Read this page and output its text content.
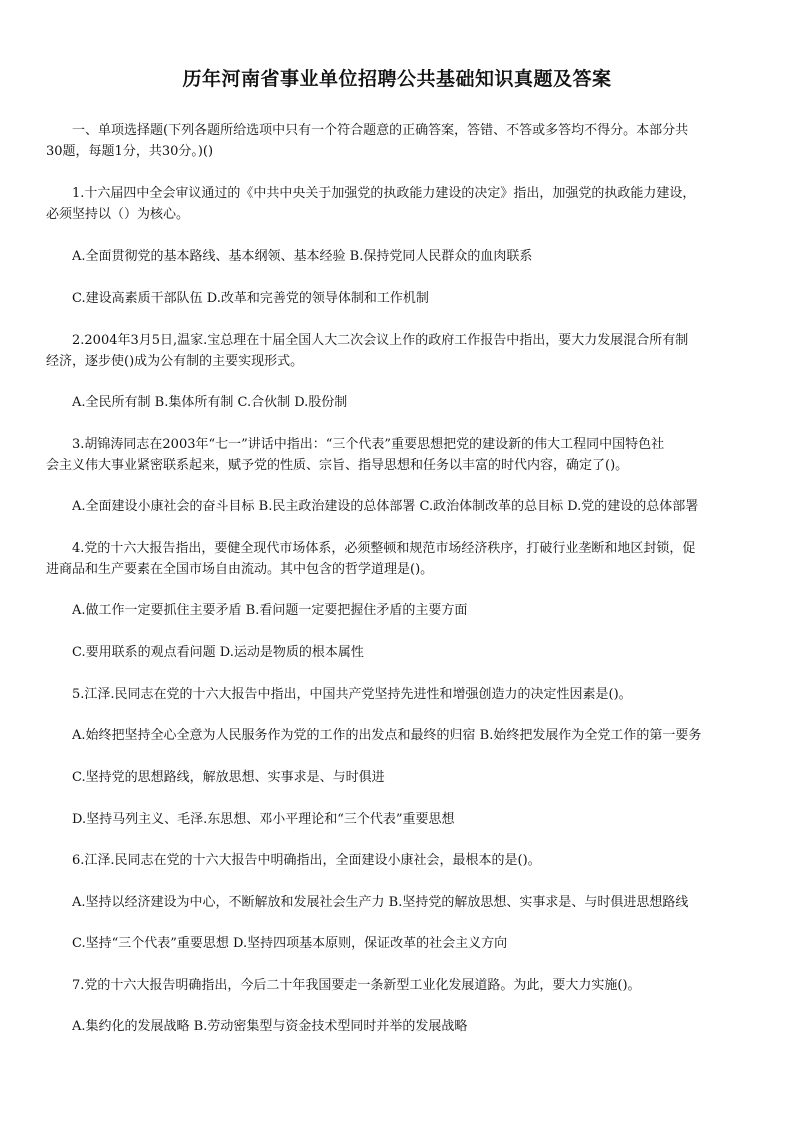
历年河南省事业单位招聘公共基础知识真题及答案
一、单项选择题(下列各题所给选项中只有一个符合题意的正确答案，答错、不答或多答均不得分。本部分共
30题，每题1分，共30分。)()
1.十六届四中全会审议通过的《中共中央关于加强党的执政能力建设的决定》指出，加强党的执政能力建设，
必须坚持以（）为核心。
A.全面贯彻党的基本路线、基本纲领、基本经验 B.保持党同人民群众的血肉联系
C.建设高素质干部队伍 D.改革和完善党的领导体制和工作机制
2.2004年3月5日,温家.宝总理在十届全国人大二次会议上作的政府工作报告中指出，要大力发展混合所有制
经济，逐步使()成为公有制的主要实现形式。
A.全民所有制 B.集体所有制 C.合伙制 D.股份制
3.胡锦涛同志在2003年“七一”讲话中指出：“三个代表”重要思想把党的建设新的伟大工程同中国特色社
会主义伟大事业紧密联系起来，赋予党的性质、宗旨、指导思想和任务以丰富的时代内容，确定了()。
A.全面建设小康社会的奋斗目标 B.民主政治建设的总体部署 C.政治体制改革的总目标 D.党的建设的总体部署
4.党的十六大报告指出，要健全现代市场体系，必须整顿和规范市场经济秩序，打破行业垄断和地区封锁，促
进商品和生产要素在全国市场自由流动。其中包含的哲学道理是()。
A.做工作一定要抓住主要矛盾 B.看问题一定要把握住矛盾的主要方面
C.要用联系的观点看问题 D.运动是物质的根本属性
5.江泽.民同志在党的十六大报告中指出，中国共产党坚持先进性和增强创造力的决定性因素是()。
A.始终把坚持全心全意为人民服务作为党的工作的出发点和最终的归宿 B.始终把发展作为全党工作的第一要务
C.坚持党的思想路线，解放思想、实事求是、与时俱进
D.坚持马列主义、毛泽.东思想、邓小平理论和“三个代表”重要思想
6.江泽.民同志在党的十六大报告中明确指出，全面建设小康社会，最根本的是()。
A.坚持以经济建设为中心，不断解放和发展社会生产力 B.坚持党的解放思想、实事求是、与时俱进思想路线
C.坚持“三个代表”重要思想 D.坚持四项基本原则，保证改革的社会主义方向
7.党的十六大报告明确指出，今后二十年我国要走一条新型工业化发展道路。为此，要大力实施()。
A.集约化的发展战略 B.劳动密集型与资金技术型同时并举的发展战略
